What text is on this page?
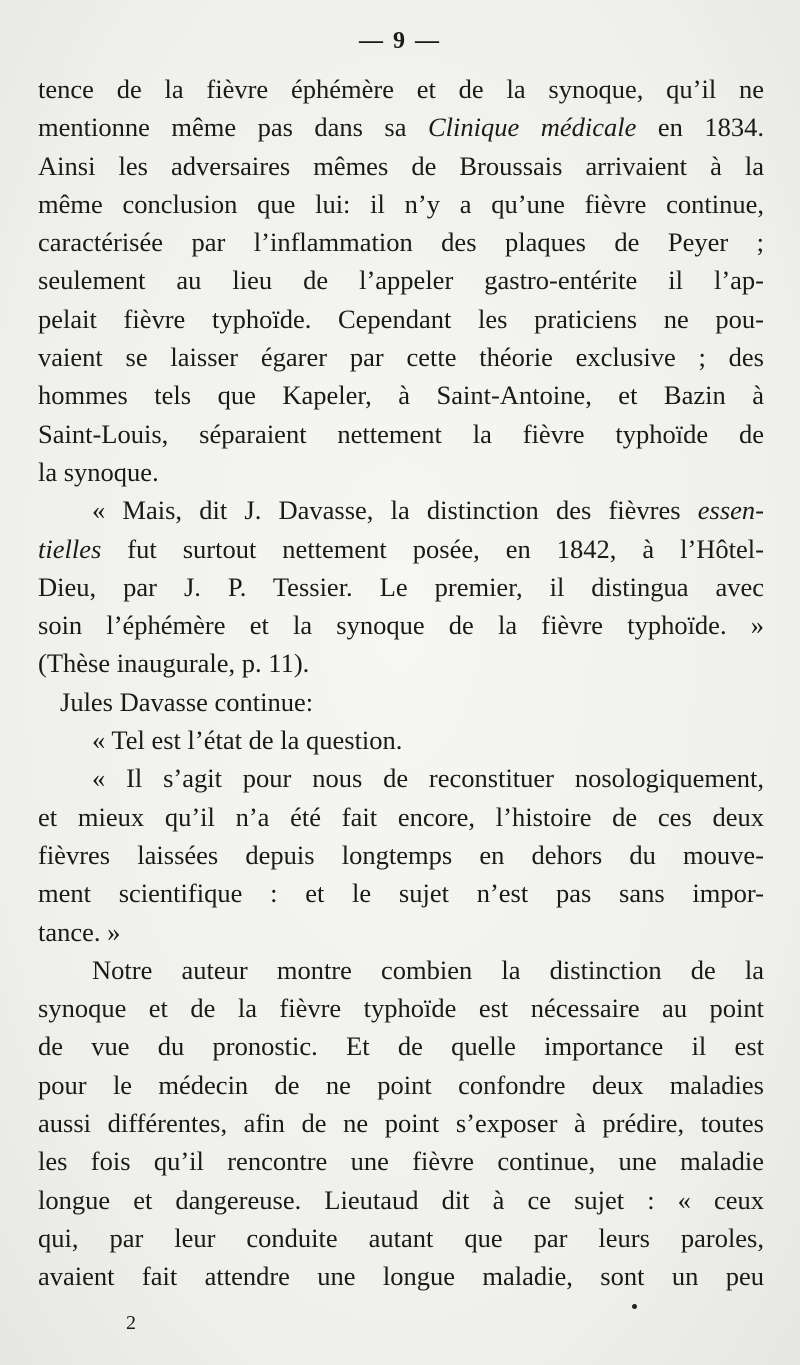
— 9 —
tence de la fièvre éphémère et de la synoque, qu’il ne
mentionne même pas dans sa Clinique médicale en 1834.
Ainsi les adversaires mêmes de Broussais arrivaient à la
même conclusion que lui: il n’y a qu’une fièvre continue,
caractérisée par l’inflammation des plaques de Peyer ;
seulement au lieu de l’appeler gastro-entérite il l’ap-
pelait fièvre typhoïde. Cependant les praticiens ne pou-
vaient se laisser égarer par cette théorie exclusive ; des
hommes tels que Kapeler, à Saint-Antoine, et Bazin à
Saint-Louis, séparaient nettement la fièvre typhoïde de
la synoque.
« Mais, dit J. Davasse, la distinction des fièvres essen-
tielles fut surtout nettement posée, en 1842, à l’Hôtel-
Dieu, par J. P. Tessier. Le premier, il distingua avec
soin l’éphémère et la synoque de la fièvre typhoïde. »
(Thèse inaugurale, p. 11).
Jules Davasse continue:
« Tel est l’état de la question.
« Il s’agit pour nous de reconstituer nosologiquement,
et mieux qu’il n’a été fait encore, l’histoire de ces deux
fièvres laissées depuis longtemps en dehors du mouve-
ment scientifique : et le sujet n’est pas sans impor-
tance. »
Notre auteur montre combien la distinction de la
synoque et de la fièvre typhoïde est nécessaire au point
de vue du pronostic. Et de quelle importance il est
pour le médecin de ne point confondre deux maladies
aussi différentes, afin de ne point s’exposer à prédire, toutes
les fois qu’il rencontre une fièvre continue, une maladie
longue et dangereuse. Lieutaud dit à ce sujet : « ceux
qui, par leur conduite autant que par leurs paroles,
avaient fait attendre une longue maladie, sont un peu
2
